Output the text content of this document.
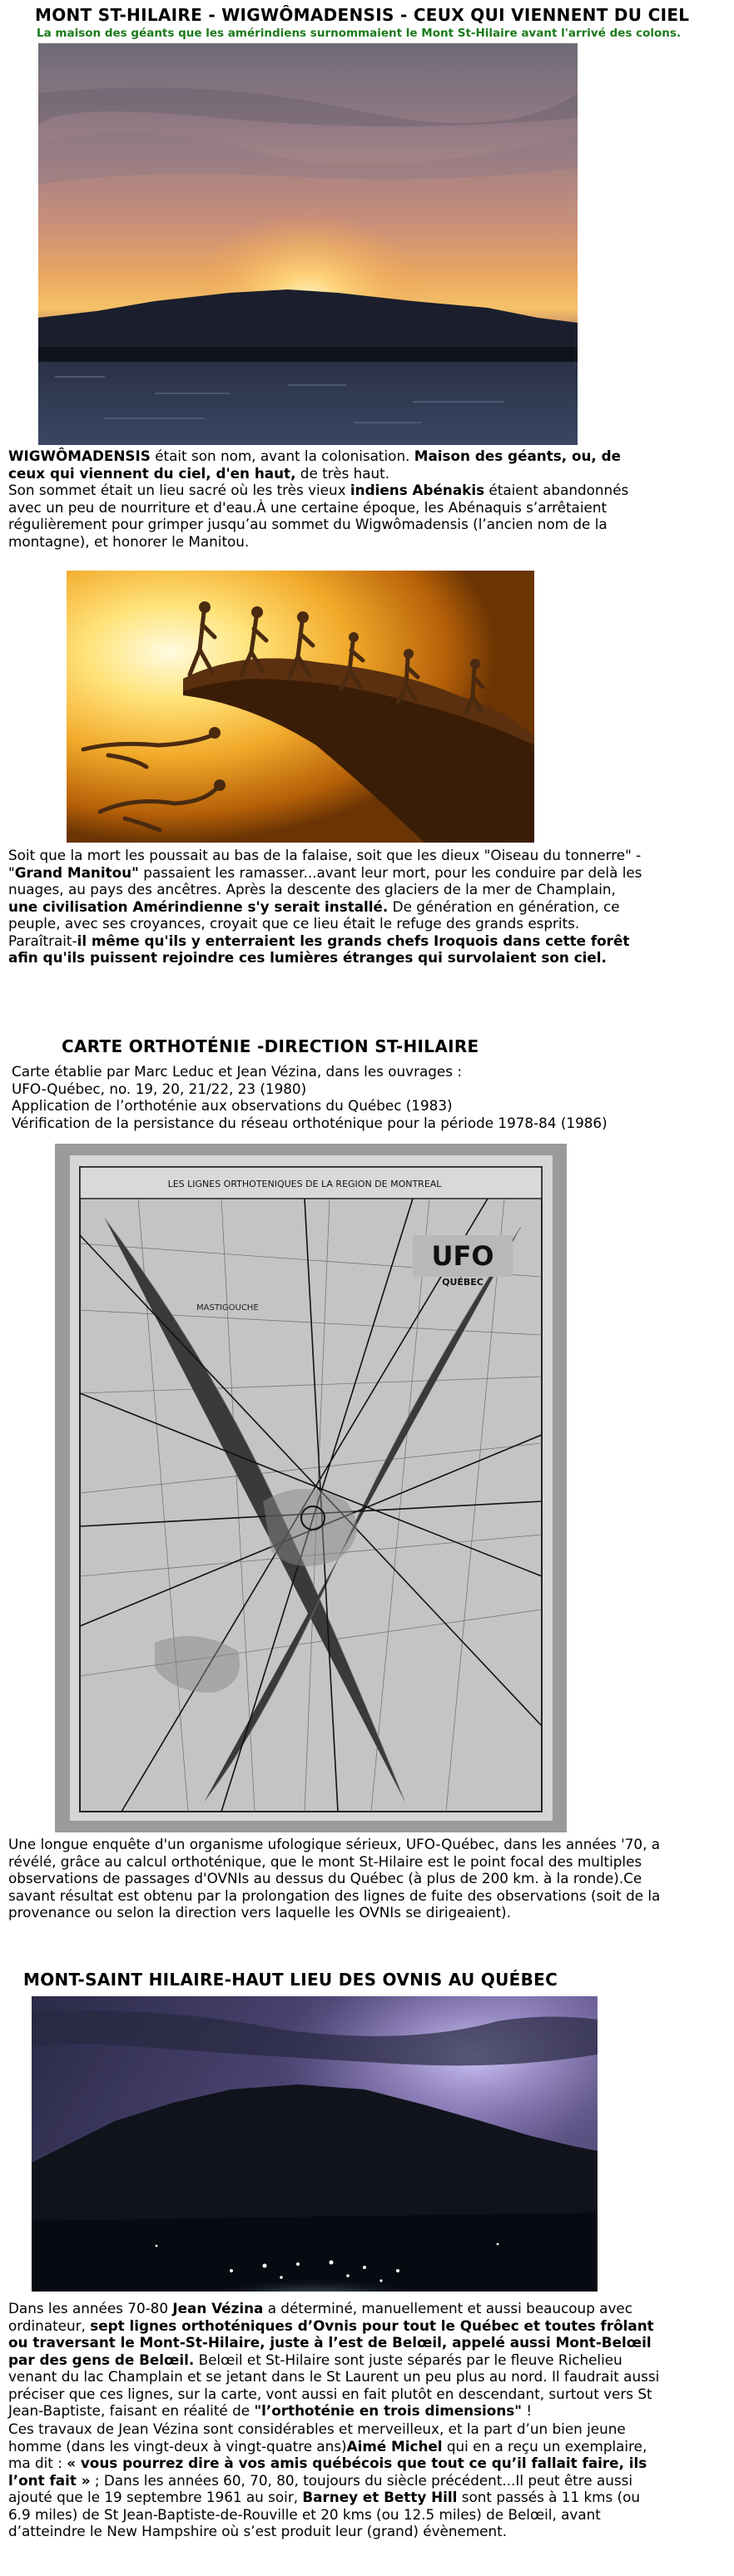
MONT ST-HILAIRE - WIGWÔMADENSIS - CEUX QUI VIENNENT DU CIEL
La maison des géants que les amérindiens surnommaient le Mont St-Hilaire avant l'arrivé des colons.
WIGWÔMADENSIS était son nom, avant la colonisation. Maison des géants, ou, de ceux qui viennent du ciel, d'en haut, de très haut.
Son sommet était un lieu sacré où les très vieux indiens Abénakis étaient abandonnés avec un peu de nourriture et d'eau.À une certaine époque, les Abénaquis s’arrêtaient régulièrement pour grimper jusqu’au sommet du Wigwômadensis (l’ancien nom de la montagne), et honorer le Manitou.
Soit que la mort les poussait au bas de la falaise, soit que les dieux "Oiseau du tonnerre" - "Grand Manitou" passaient les ramasser...avant leur mort, pour les conduire par delà les nuages, au pays des ancêtres. Après la descente des glaciers de la mer de Champlain, une civilisation Amérindienne s'y serait installé. De génération en génération, ce peuple, avec ses croyances, croyait que ce lieu était le refuge des grands esprits. Paraîtrait-il même qu'ils y enterraient les grands chefs Iroquois dans cette forêt afin qu'ils puissent rejoindre ces lumières étranges qui survolaient son ciel.
CARTE ORTHOTÉNIE -DIRECTION ST-HILAIRE
Carte établie par Marc Leduc et Jean Vézina, dans les ouvrages :
UFO-Québec, no. 19, 20, 21/22, 23 (1980)
Application de l’orthoténie aux observations du Québec (1983)
Vérification de la persistance du réseau orthoténique pour la période 1978-84 (1986)
LES LIGNES ORTHOTENIQUES DE LA REGION DE MONTREAL
MASTIGOUCHE
UFO
QUÉBEC
Une longue enquête d'un organisme ufologique sérieux, UFO-Québec, dans les années '70, a révélé, grâce au calcul orthoténique, que le mont St-Hilaire est le point focal des multiples observations de passages d'OVNIs au dessus du Québec (à plus de 200 km. à la ronde).Ce savant résultat est obtenu par la prolongation des lignes de fuite des observations (soit de la provenance ou selon la direction vers laquelle les OVNIs se dirigeaient).
MONT-SAINT HILAIRE-HAUT LIEU DES OVNIS AU QUÉBEC
Dans les années 70-80 Jean Vézina a déterminé, manuellement et aussi beaucoup avec ordinateur, sept lignes orthoténiques d’Ovnis pour tout le Québec et toutes frôlant ou traversant le Mont-St-Hilaire, juste à l’est de Belœil, appelé aussi Mont-Belœil par des gens de Belœil. Belœil et St-Hilaire sont juste séparés par le fleuve Richelieu venant du lac Champlain et se jetant dans le St Laurent un peu plus au nord. Il faudrait aussi préciser que ces lignes, sur la carte, vont aussi en fait plutôt en descendant, surtout vers St Jean-Baptiste, faisant en réalité de "l’orthoténie en trois dimensions" !
Ces travaux de Jean Vézina sont considérables et merveilleux, et la part d’un bien jeune homme (dans les vingt-deux à vingt-quatre ans)Aimé Michel qui en a reçu un exemplaire, ma dit : « vous pourrez dire à vos amis québécois que tout ce qu’il fallait faire, ils l’ont fait » ; Dans les années 60, 70, 80, toujours du siècle précédent...Il peut être aussi ajouté que le 19 septembre 1961 au soir, Barney et Betty Hill sont passés à 11 kms (ou 6.9 miles) de St Jean-Baptiste-de-Rouville et 20 kms (ou 12.5 miles) de Belœil, avant d’atteindre le New Hampshire où s’est produit leur (grand) évènement.
